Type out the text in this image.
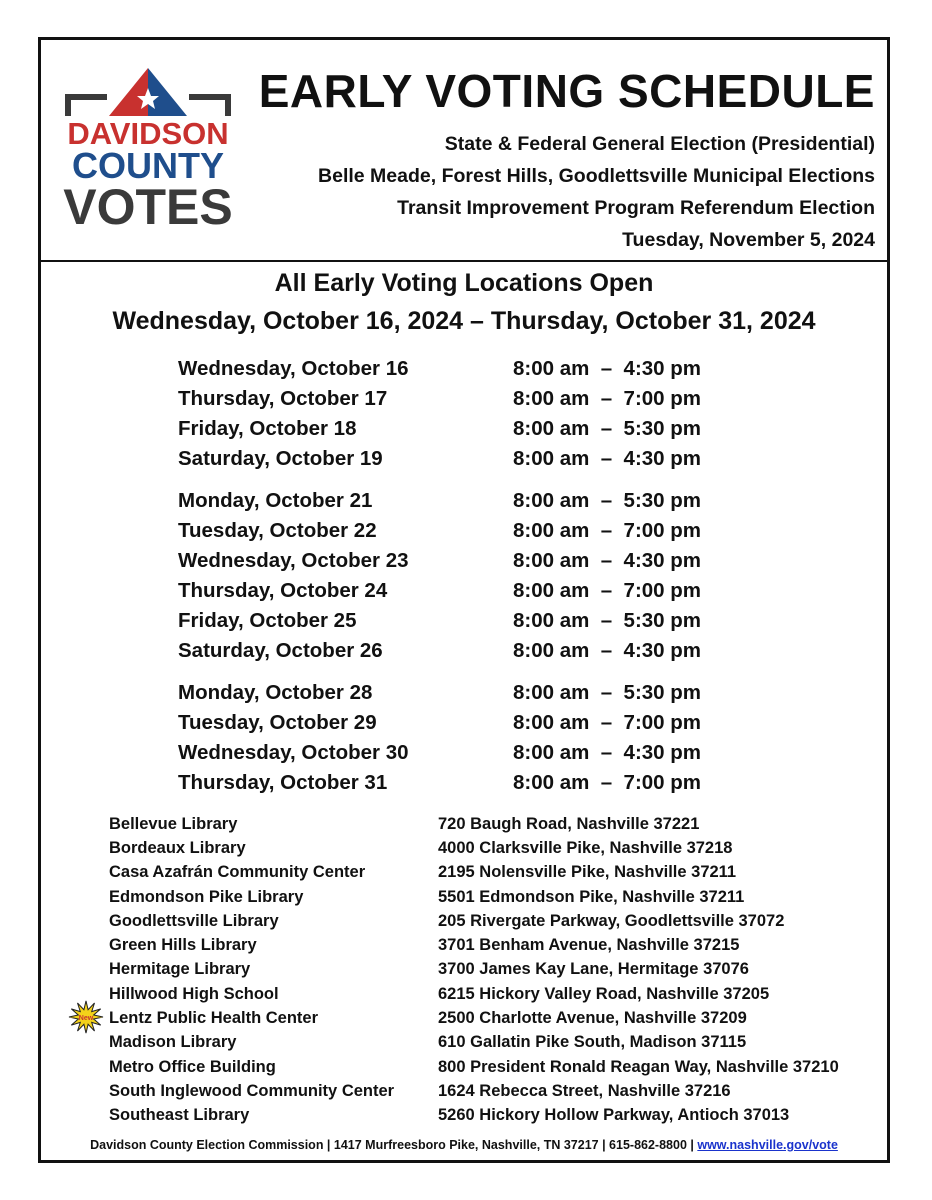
DAVIDSON
COUNTY
VOTES
EARLY VOTING SCHEDULE
State & Federal General Election (Presidential)
Belle Meade, Forest Hills, Goodlettsville Municipal Elections
Transit Improvement Program Referendum Election
Tuesday, November 5, 2024
All Early Voting Locations Open
Wednesday, October 16, 2024 – Thursday, October 31, 2024
Wednesday, October 16	8:00 am  –  4:30 pm
Thursday, October 17	8:00 am  –  7:00 pm
Friday, October 18	8:00 am  –  5:30 pm
Saturday, October 19	8:00 am  –  4:30 pm
Monday, October 21	8:00 am  –  5:30 pm
Tuesday, October 22	8:00 am  –  7:00 pm
Wednesday, October 23	8:00 am  –  4:30 pm
Thursday, October 24	8:00 am  –  7:00 pm
Friday, October 25	8:00 am  –  5:30 pm
Saturday, October 26	8:00 am  –  4:30 pm
Monday, October 28	8:00 am  –  5:30 pm
Tuesday, October 29	8:00 am  –  7:00 pm
Wednesday, October 30	8:00 am  –  4:30 pm
Thursday, October 31	8:00 am  –  7:00 pm
Bellevue Library	720 Baugh Road, Nashville 37221
Bordeaux Library	4000 Clarksville Pike, Nashville 37218
Casa Azafrán Community Center	2195 Nolensville Pike, Nashville 37211
Edmondson Pike Library	5501 Edmondson Pike, Nashville 37211
Goodlettsville Library	205 Rivergate Parkway, Goodlettsville 37072
Green Hills Library	3701 Benham Avenue, Nashville 37215
Hermitage Library	3700 James Kay Lane, Hermitage 37076
Hillwood High School	6215 Hickory Valley Road, Nashville 37205
New Lentz Public Health Center	2500 Charlotte Avenue, Nashville 37209
Madison Library	610 Gallatin Pike South, Madison 37115
Metro Office Building	800 President Ronald Reagan Way, Nashville 37210
South Inglewood Community Center	1624 Rebecca Street, Nashville 37216
Southeast Library	5260 Hickory Hollow Parkway, Antioch 37013
Davidson County Election Commission | 1417 Murfreesboro Pike, Nashville, TN 37217 | 615-862-8800 | www.nashville.gov/vote
